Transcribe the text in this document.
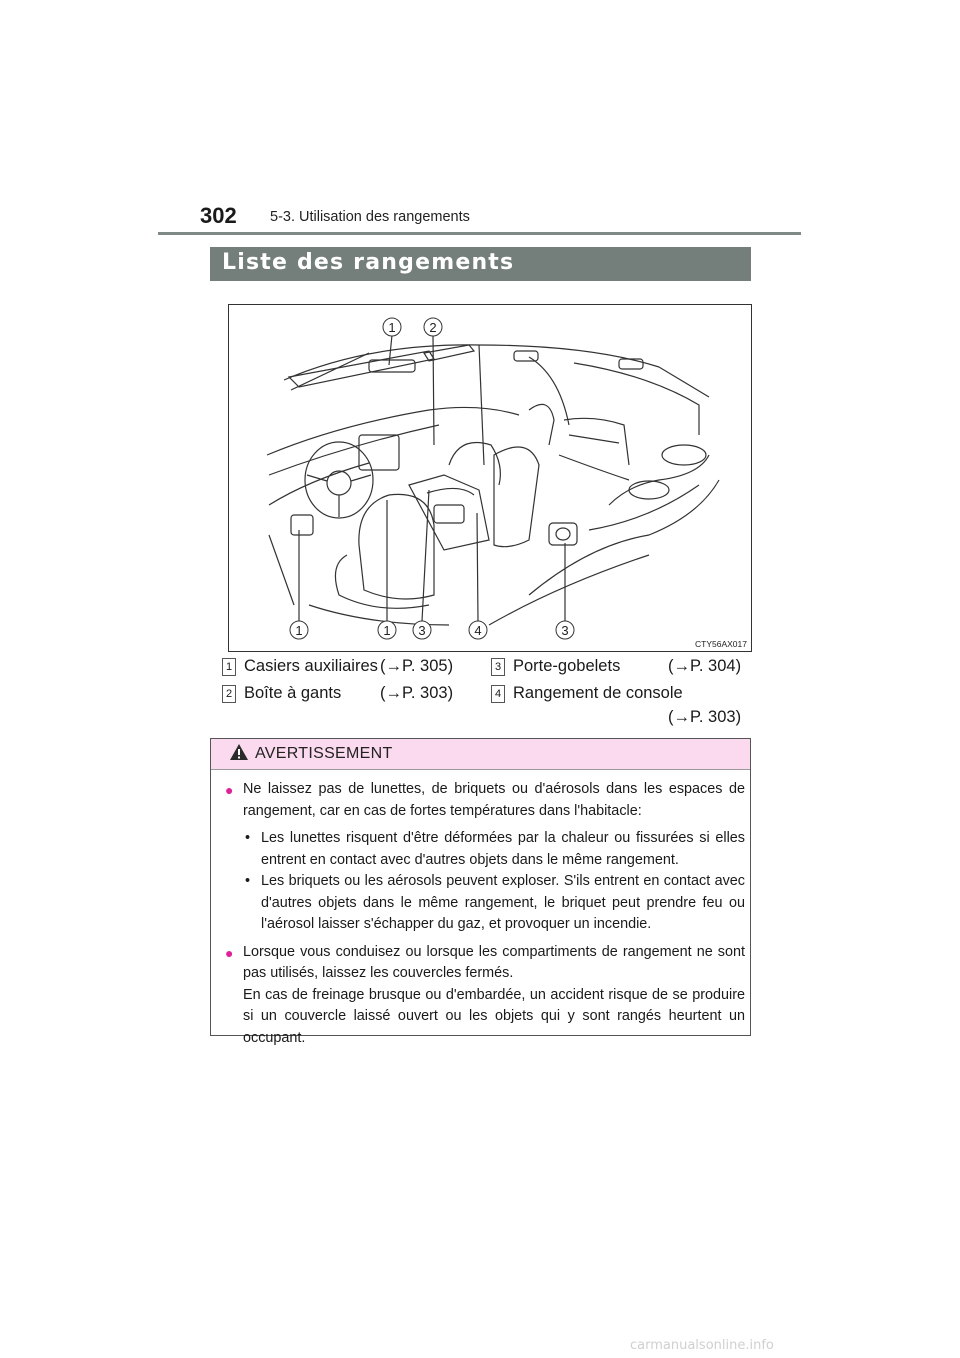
302 5-3. Utilisation des rangements
Liste des rangements
1	2
1	1 3	4	3
CTY56AX017
1 Casiers auxiliaires (→P. 305)	3 Porte-gobelets	(→P. 304)
2 Boîte à gants (→P. 303)	4 Rangement de console
(→P. 303)
AVERTISSEMENT
● Ne laissez pas de lunettes, de briquets ou d'aérosols dans les espaces de rangement, car en cas de fortes températures dans l'habitacle:
• Les lunettes risquent d'être déformées par la chaleur ou fissurées si elles entrent en contact avec d'autres objets dans le même rangement.
• Les briquets ou les aérosols peuvent exploser. S'ils entrent en contact avec d'autres objets dans le même rangement, le briquet peut prendre feu ou l'aérosol laisser s'échapper du gaz, et provoquer un incendie.
● Lorsque vous conduisez ou lorsque les compartiments de rangement ne sont pas utilisés, laissez les couvercles fermés.
En cas de freinage brusque ou d'embardée, un accident risque de se produire si un couvercle laissé ouvert ou les objets qui y sont rangés heurtent un occupant.
carmanualsonline.info
